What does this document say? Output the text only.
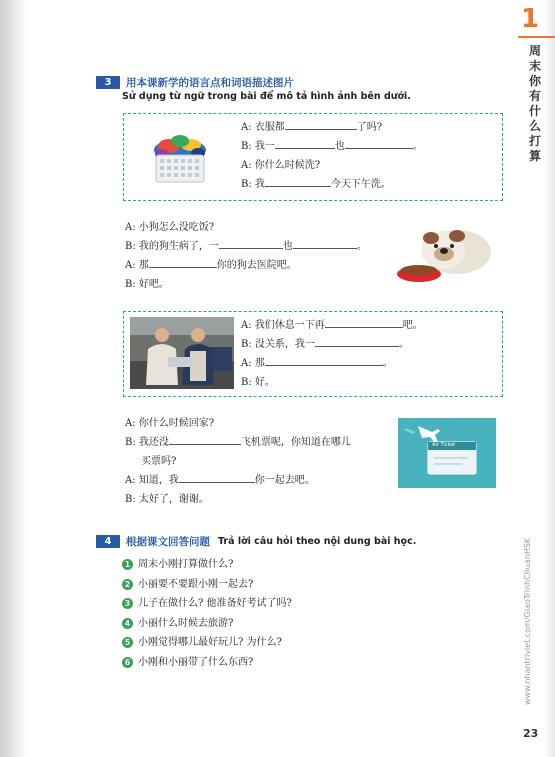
1
周
末
你
有
什
么
打
算
www.nhantriviet.com/GiaoTrinhChuanHSK
23
3	用本课新学的语言点和词语描述图片
Sử dụng từ ngữ trong bài để mô tả hình ảnh bên dưới.
A: 衣服都	了吗?
B: 我一	也	。
A: 你什么时候洗?
B: 我	今天下午洗。
A: 小狗怎么没吃饭?
B: 我的狗生病了，一	也	。
A: 那	你的狗去医院吧。
B: 好吧。
A: 我们休息一下再	吧。
B: 没关系，我一	。
A: 那	。
B: 好。
A: 你什么时候回家?
B: 我还没	飞机票呢，你知道在哪儿
买票吗?
A: 知道，我	你一起去吧。
B: 太好了，谢谢。
Air Ticket
4	根据课文回答问题 Trả lời câu hỏi theo nội dung bài học.
1 周末小刚打算做什么?
2 小丽要不要跟小刚一起去?
3 儿子在做什么? 他准备好考试了吗?
4 小丽什么时候去旅游?
5 小刚觉得哪儿最好玩儿? 为什么?
6 小刚和小丽带了什么东西?
